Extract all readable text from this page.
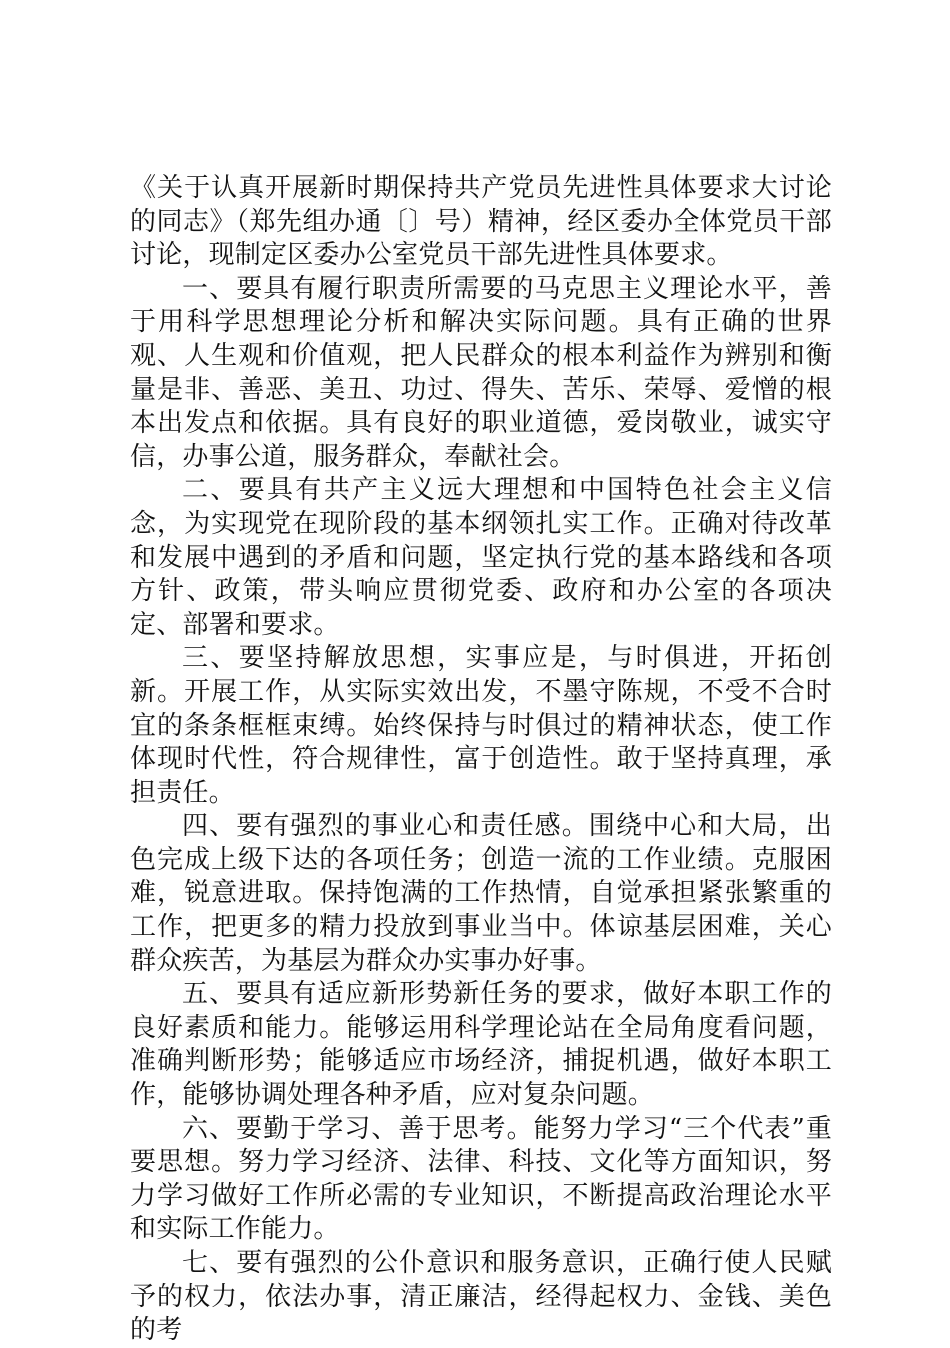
《关于认真开展新时期保持共产党员先进性具体要求大讨论的同志》（郑先组办通〔〕号）精神，经区委办全体党员干部讨论，现制定区委办公室党员干部先进性具体要求。

一、要具有履行职责所需要的马克思主义理论水平，善于用科学思想理论分析和解决实际问题。具有正确的世界观、人生观和价值观，把人民群众的根本利益作为辨别和衡量是非、善恶、美丑、功过、得失、苦乐、荣辱、爱憎的根本出发点和依据。具有良好的职业道德，爱岗敬业，诚实守信，办事公道，服务群众，奉献社会。

二、要具有共产主义远大理想和中国特色社会主义信念，为实现党在现阶段的基本纲领扎实工作。正确对待改革和发展中遇到的矛盾和问题，坚定执行党的基本路线和各项方针、政策，带头响应贯彻党委、政府和办公室的各项决定、部署和要求。

三、要坚持解放思想，实事应是，与时俱进，开拓创新。开展工作，从实际实效出发，不墨守陈规，不受不合时宜的条条框框束缚。始终保持与时俱过的精神状态，使工作体现时代性，符合规律性，富于创造性。敢于坚持真理，承担责任。

四、要有强烈的事业心和责任感。围绕中心和大局，出色完成上级下达的各项任务；创造一流的工作业绩。克服困难，锐意进取。保持饱满的工作热情，自觉承担紧张繁重的工作，把更多的精力投放到事业当中。体谅基层困难，关心群众疾苦，为基层为群众办实事办好事。

五、要具有适应新形势新任务的要求，做好本职工作的良好素质和能力。能够运用科学理论站在全局角度看问题，准确判断形势；能够适应市场经济，捕捉机遇，做好本职工作，能够协调处理各种矛盾，应对复杂问题。

六、要勤于学习、善于思考。能努力学习“三个代表”重要思想。努力学习经济、法律、科技、文化等方面知识，努力学习做好工作所必需的专业知识，不断提高政治理论水平和实际工作能力。

七、要有强烈的公仆意识和服务意识，正确行使人民赋予的权力，依法办事，清正廉洁，经得起权力、金钱、美色的考
